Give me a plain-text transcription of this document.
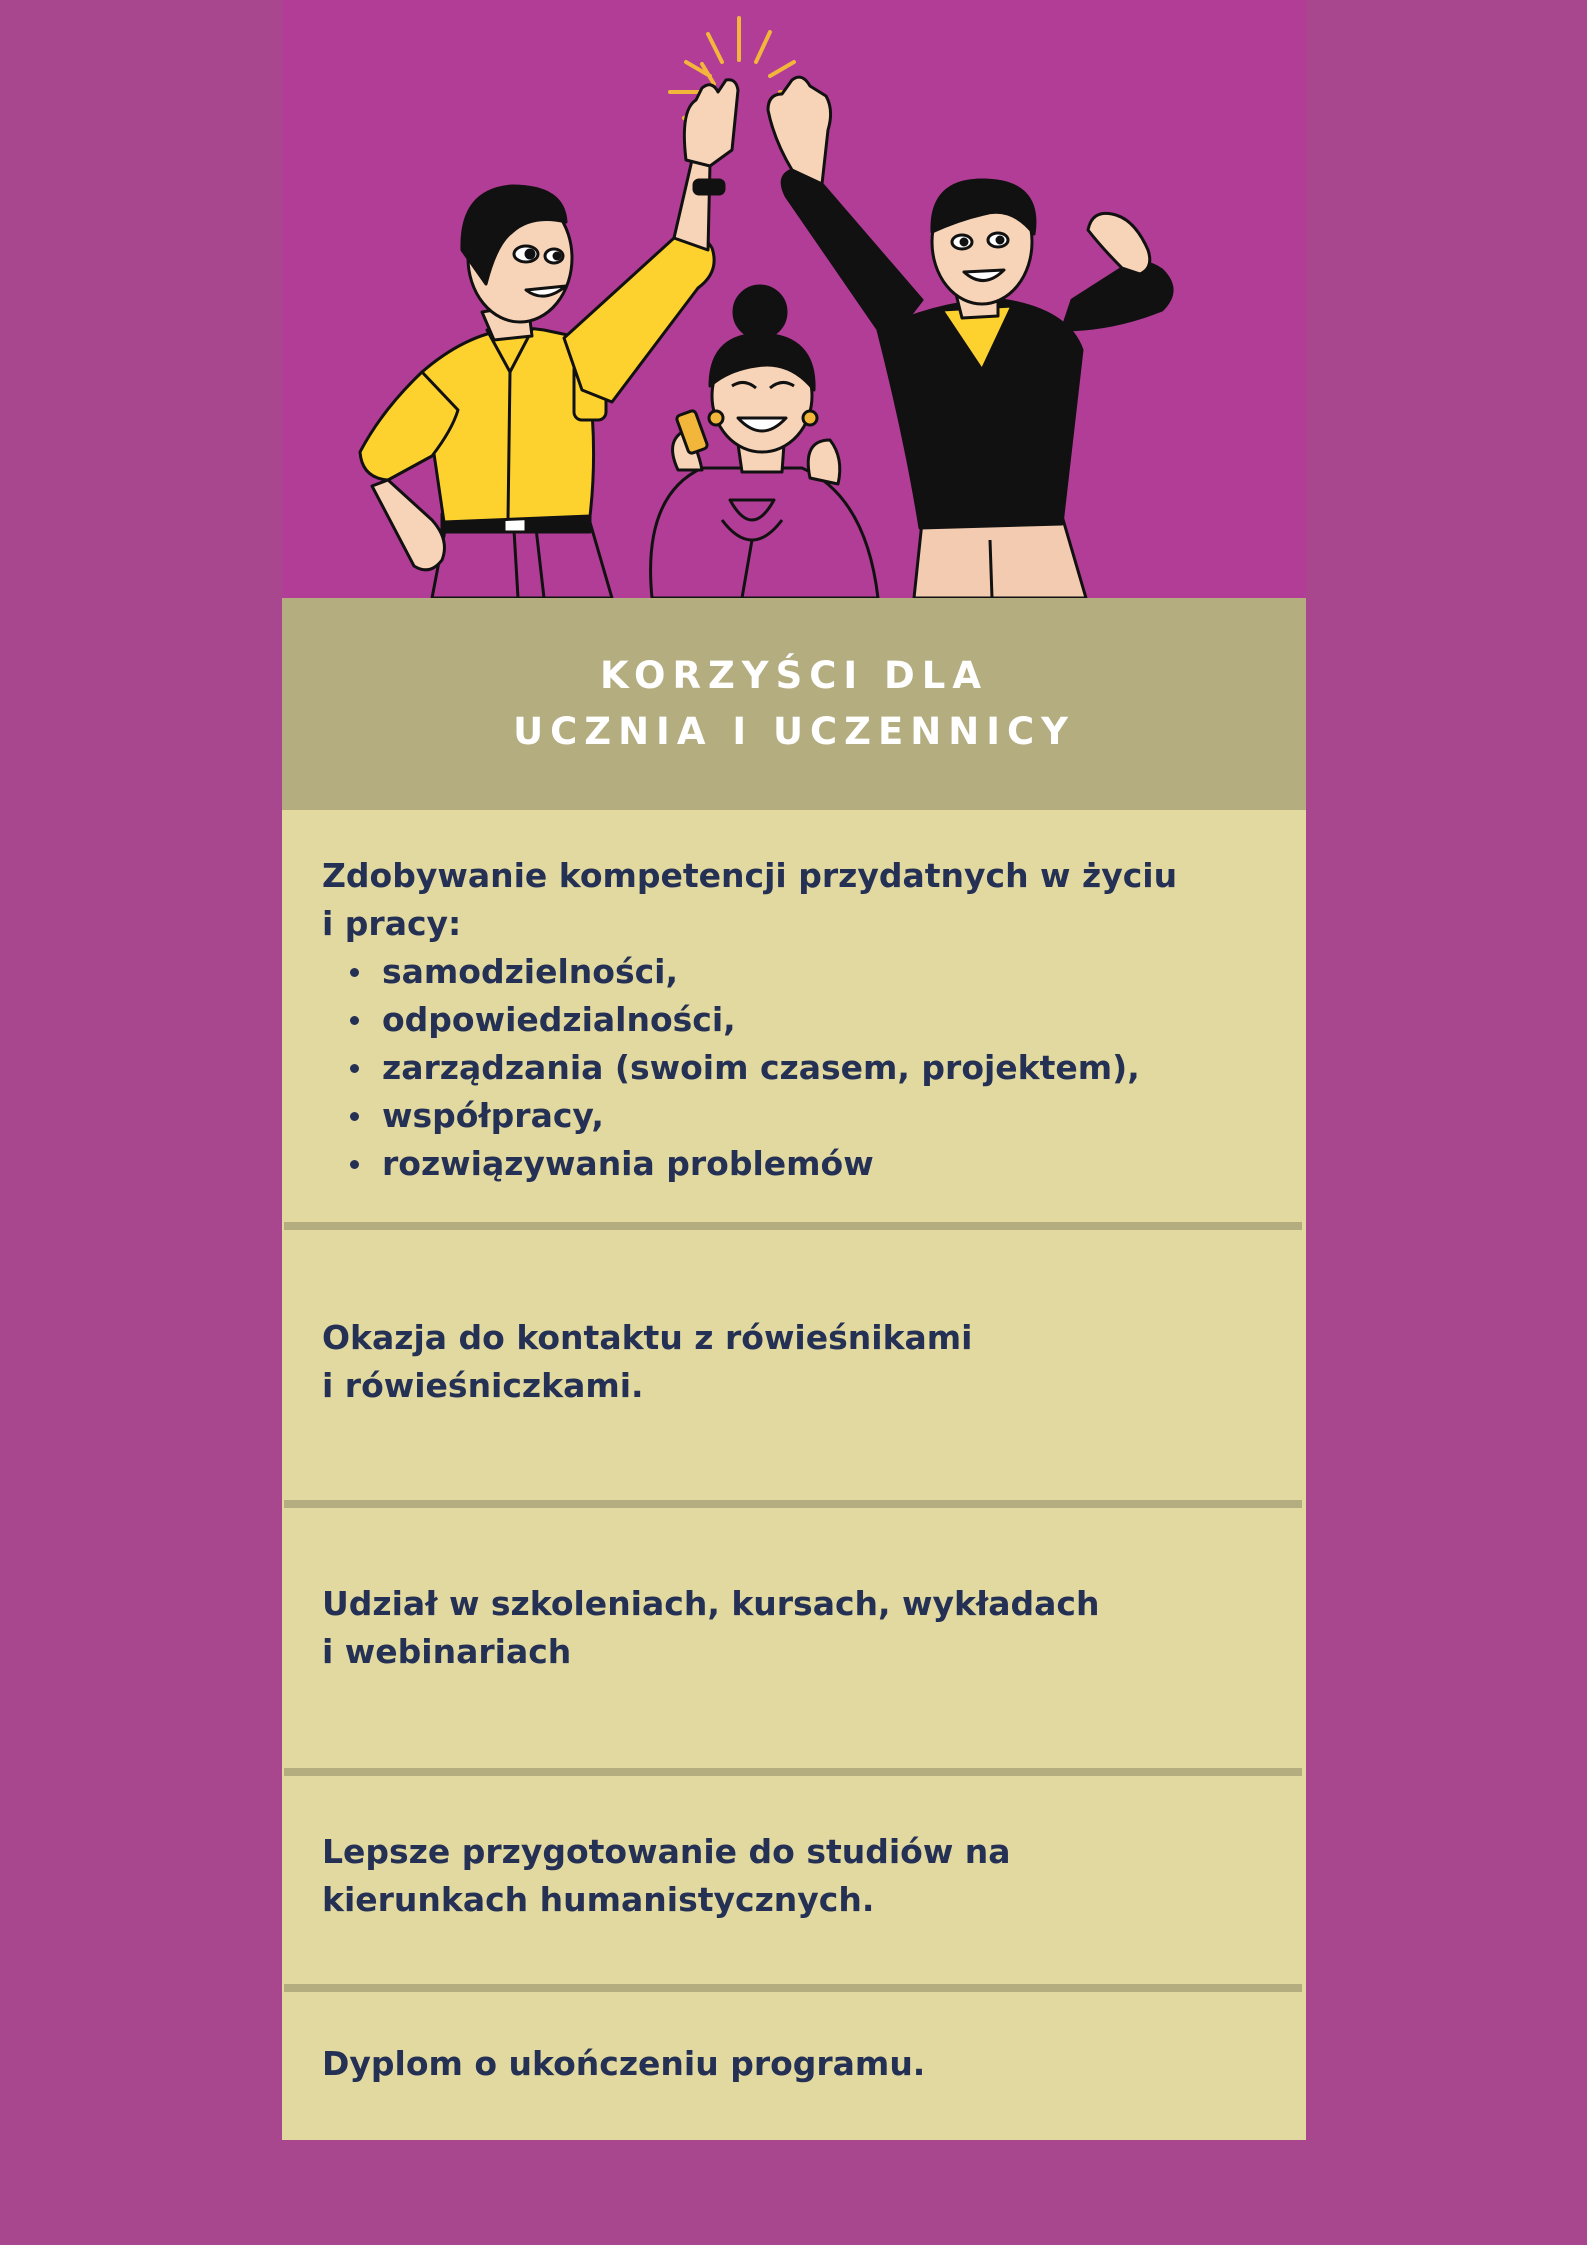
KORZYŚCI DLA
UCZNIA I UCZENNICY

Zdobywanie kompetencji przydatnych w życiu
i pracy:

samodzielności,
odpowiedzialności,
zarządzania (swoim czasem, projektem),
współpracy,
rozwiązywania problemów

Okazja do kontaktu z rówieśnikami
i rówieśniczkami.

Udział w szkoleniach, kursach, wykładach
i webinariach

Lepsze przygotowanie do studiów na
kierunkach humanistycznych.

Dyplom o ukończeniu programu.
